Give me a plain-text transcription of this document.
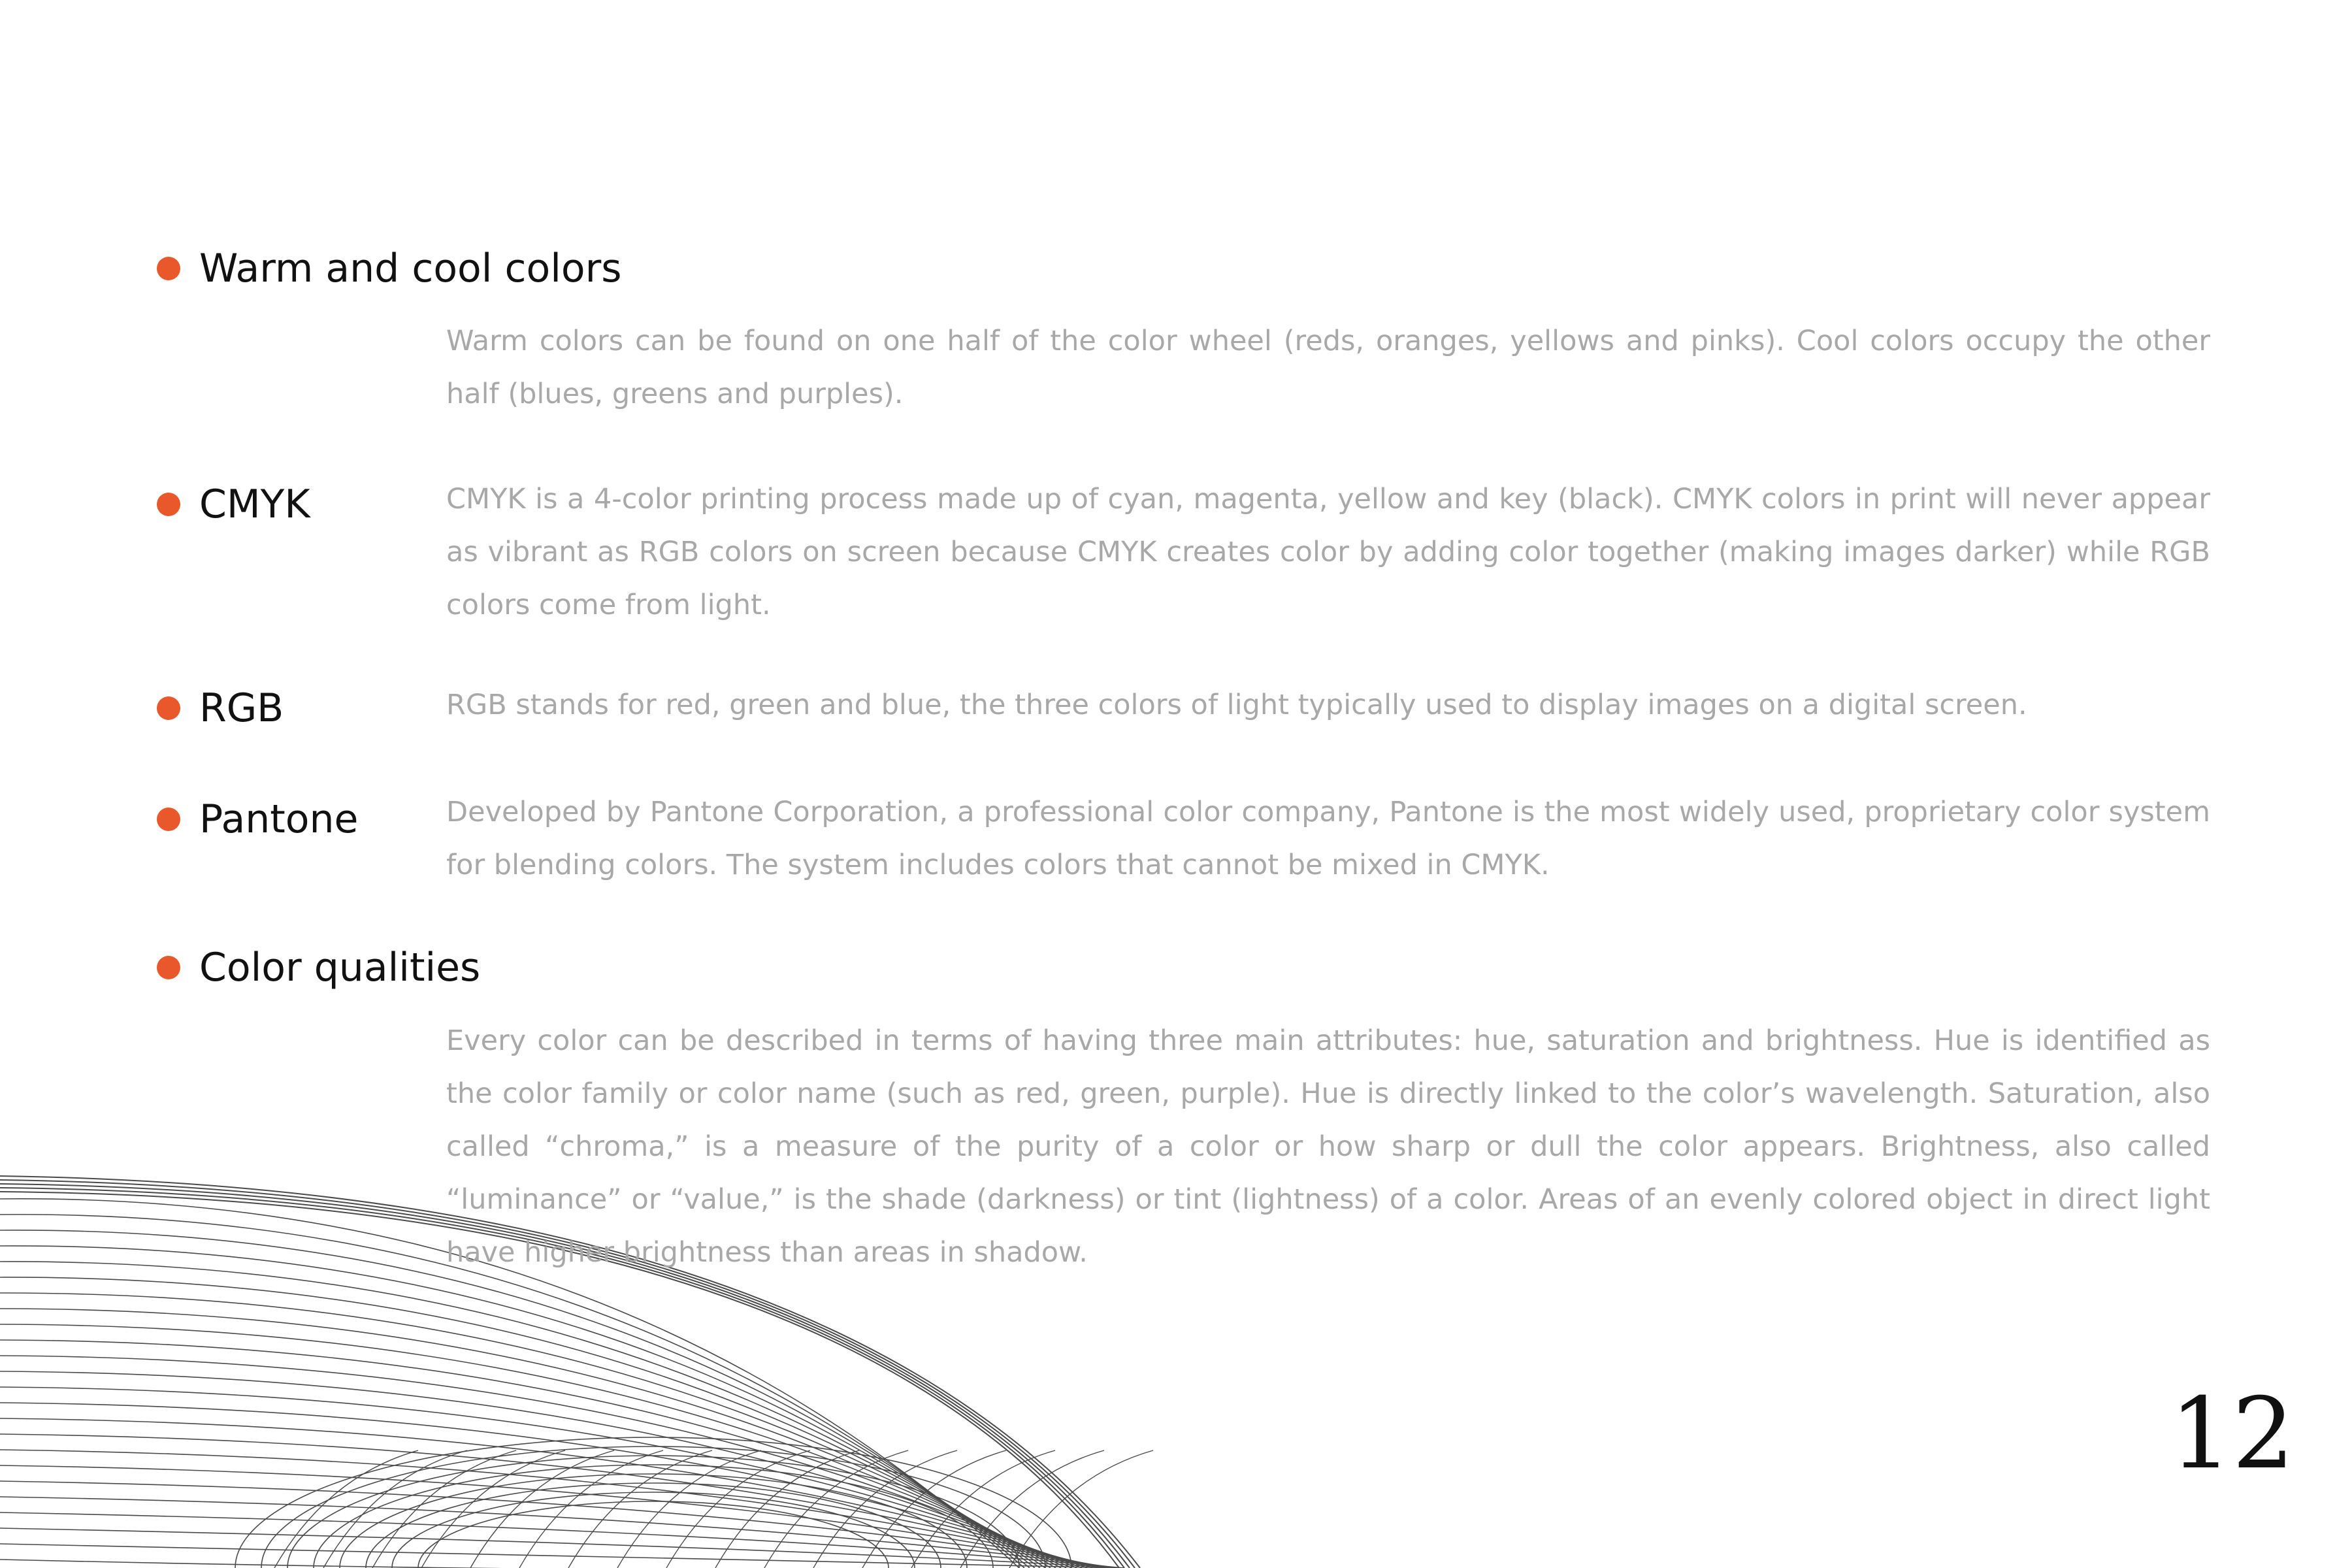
Warm and cool colors

Warm colors can be found on one half of the color wheel (reds, oranges, yellows and pinks). Cool colors occupy the other half (blues, greens and purples).

CMYK	CMYK is a 4-color printing process made up of cyan, magenta, yellow and key (black). CMYK colors in print will never appear as vibrant as RGB colors on screen because CMYK creates color by adding color together (making images darker) while RGB colors come from light.

RGB	RGB stands for red, green and blue, the three colors of light typically used to display images on a digital screen.

Pantone	Developed by Pantone Corporation, a professional color company, Pantone is the most widely used, proprietary color system for blending colors. The system includes colors that cannot be mixed in CMYK.

Color qualities

Every color can be described in terms of having three main attributes: hue, saturation and brightness. Hue is identified as the color family or color name (such as red, green, purple). Hue is directly linked to the color’s wavelength. Saturation, also called “chroma,” is a measure of the purity of a color or how sharp or dull the color appears. Brightness, also called “luminance” or “value,” is the shade (darkness) or tint (lightness) of a color. Areas of an evenly colored object in direct light have higher brightness than areas in shadow.

12
